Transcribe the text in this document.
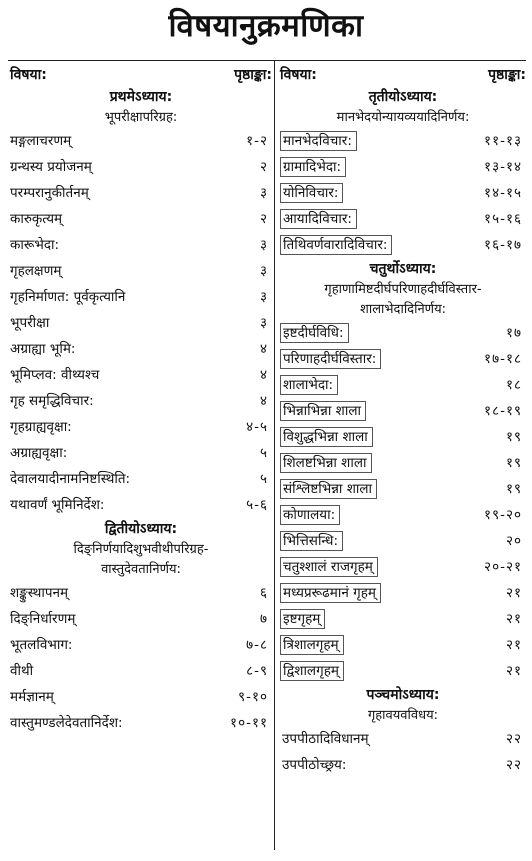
विषयानुक्रमणिका
विषया:	पृष्ठाङ्का:
प्रथमेऽध्याय:
भूपरीक्षापरिग्रह:
मङ्गलाचरणम्	१-२
ग्रन्थस्य प्रयोजनम्	२
परम्परानुकीर्तनम्	३
कारुकृत्यम्	२
कारूभेदा:	३
गृहलक्षणम्	३
गृहनिर्माणत: पूर्वकृत्यानि	३
भूपरीक्षा	३
अग्राह्या भूमि:	४
भूमिप्लव: वीथ्यश्च	४
गृह समृद्धिविचार:	४
गृहग्राह्यवृक्षा:	४-५
अग्राह्यवृक्षा:	५
देवालयादीनामनिष्टस्थिति:	५
यथावर्णं भूमिनिर्देश:	५-६
द्वितीयोऽध्याय:
दिङ्निर्णयादिशुभवीथीपरिग्रह-
वास्तुदेवतानिर्णय:
शङ्कुस्थापनम्	६
दिङ्निर्धारणम्	७
भूतलविभाग:	७-८
वीथी	८-९
मर्मज्ञानम्	९-१०
वास्तुमण्डलेदेवतानिर्देश:	१०-११
विषया:	पृष्ठाङ्का:
तृतीयोऽध्याय:
मानभेदयोन्यायव्ययादिनिर्णय:
मानभेदविचार:	११-१३
ग्रामादिभेदा:	१३-१४
योनिविचार:	१४-१५
आयादिविचार:	१५-१६
तिथिवर्णवारादिविचार:	१६-१७
चतुर्थोऽध्याय:
गृहाणामिष्टदीर्घपरिणाहदीर्घविस्तार-
शालाभेदादिनिर्णय:
इष्टदीर्घविधि:	१७
परिणाहदीर्घविस्तार:	१७-१८
शालाभेदा:	१८
भिन्नाभिन्ना शाला	१८-१९
विशुद्धभिन्ना शाला	१९
शिलष्टभिन्ना शाला	१९
संश्लिष्टभिन्ना शाला	१९
कोणालया:	१९-२०
भित्तिसन्धि:	२०
चतुश्शालं राजगृहम्	२०-२१
मध्यप्ररूढमानं गृहम्	२१
इष्टगृहम्	२१
त्रिशालगृहम्	२१
द्विशालगृहम्	२१
पञ्चमोऽध्याय:
गृहावयवविधय:
उपपीठादिविधानम्	२२
उपपीठोच्छ्रय:	२२
